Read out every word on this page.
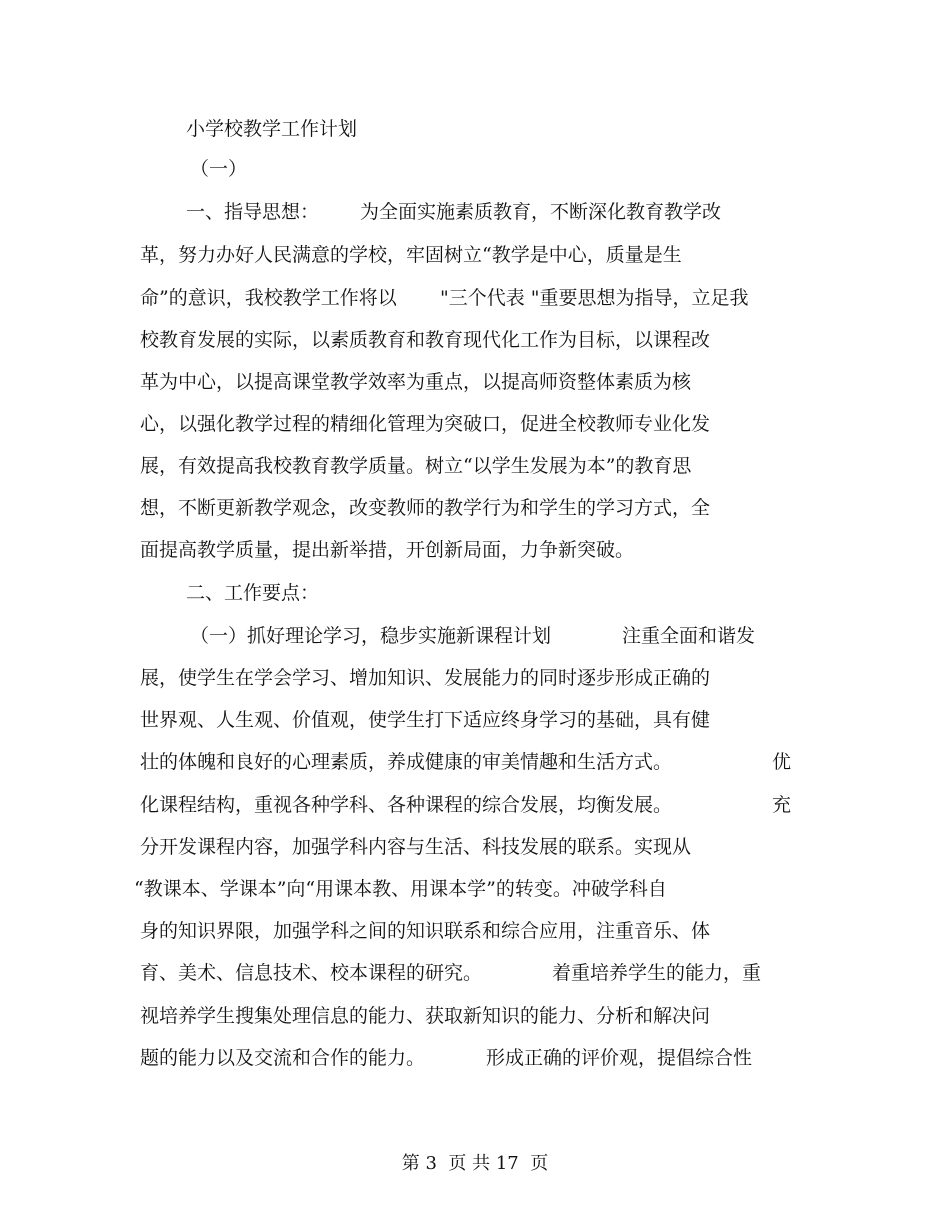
小学校教学工作计划

（一）

一、指导思想：

为全面实施素质教育，不断深化教育教学改

革，努力办好人民满意的学校，牢固树立“教学是中心，质量是生

命”的意识，我校教学工作将以

"三个代表 "重要思想为指导，立足我

校教育发展的实际，以素质教育和教育现代化工作为目标，以课程改

革为中心，以提高课堂教学效率为重点，以提高师资整体素质为核

心，以强化教学过程的精细化管理为突破口，促进全校教师专业化发

展，有效提高我校教育教学质量。树立“以学生发展为本”的教育思

想，不断更新教学观念，改变教师的教学行为和学生的学习方式，全

面提高教学质量，提出新举措，开创新局面，力争新突破。

二、工作要点：

（一）抓好理论学习，稳步实施新课程计划

	注重全面和谐发

展，使学生在学会学习、增加知识、发展能力的同时逐步形成正确的

世界观、人生观、价值观，使学生打下适应终身学习的基础，具有健

壮的体魄和良好的心理素质，养成健康的审美情趣和生活方式。

	优

化课程结构，重视各种学科、各种课程的综合发展，均衡发展。

	充

分开发课程内容，加强学科内容与生活、科技发展的联系。实现从

“教课本、学课本”向“用课本教、用课本学”的转变。冲破学科自

身的知识界限，加强学科之间的知识联系和综合应用，注重音乐、体

育、美术、信息技术、校本课程的研究。

	着重培养学生的能力，重

视培养学生搜集处理信息的能力、获取新知识的能力、分析和解决问

题的能力以及交流和合作的能力。

	形成正确的评价观，提倡综合性

第 3  页 共 17  页
